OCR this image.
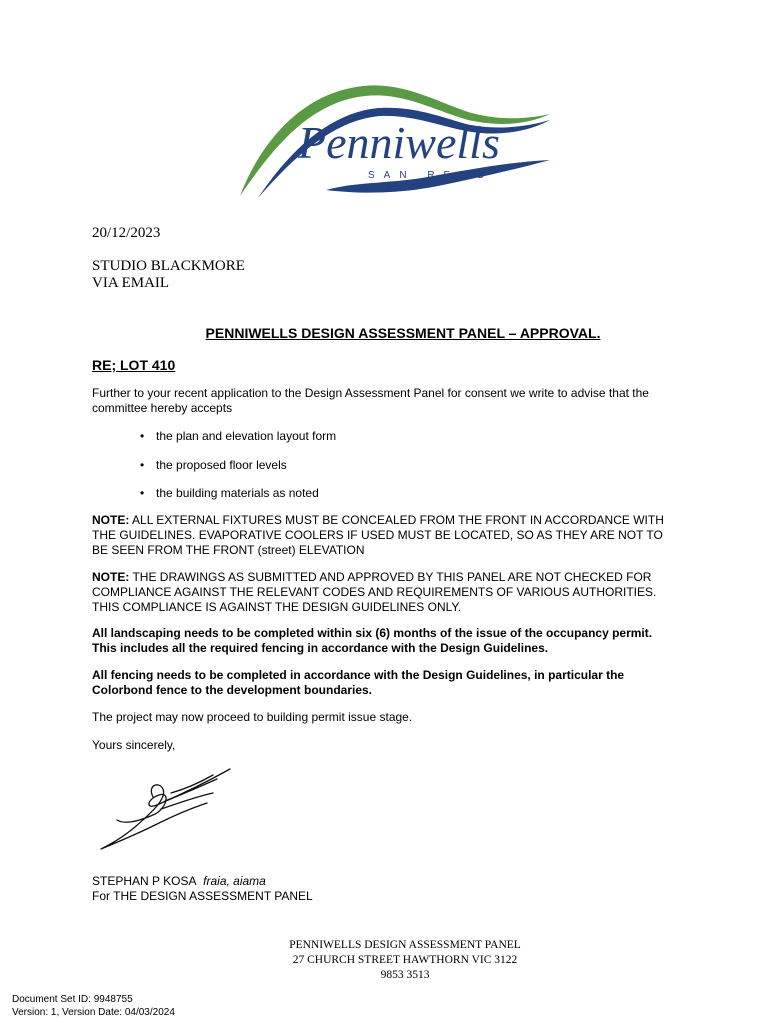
Penniwells
SAN REMO
20/12/2023
STUDIO BLACKMORE
VIA EMAIL
PENNIWELLS DESIGN ASSESSMENT PANEL – APPROVAL.
RE; LOT 410
Further to your recent application to the Design Assessment Panel for consent we write to advise that the
committee hereby accepts
• the plan and elevation layout form
• the proposed floor levels
• the building materials as noted
NOTE: ALL EXTERNAL FIXTURES MUST BE CONCEALED FROM THE FRONT IN ACCORDANCE WITH
THE GUIDELINES. EVAPORATIVE COOLERS IF USED MUST BE LOCATED, SO AS THEY ARE NOT TO
BE SEEN FROM THE FRONT (street) ELEVATION
NOTE: THE DRAWINGS AS SUBMITTED AND APPROVED BY THIS PANEL ARE NOT CHECKED FOR
COMPLIANCE AGAINST THE RELEVANT CODES AND REQUIREMENTS OF VARIOUS AUTHORITIES.
THIS COMPLIANCE IS AGAINST THE DESIGN GUIDELINES ONLY.
All landscaping needs to be completed within six (6) months of the issue of the occupancy permit.
This includes all the required fencing in accordance with the Design Guidelines.
All fencing needs to be completed in accordance with the Design Guidelines, in particular the
Colorbond fence to the development boundaries.
The project may now proceed to building permit issue stage.
Yours sincerely,
STEPHAN P KOSA fraia, aiama
For THE DESIGN ASSESSMENT PANEL
PENNIWELLS DESIGN ASSESSMENT PANEL
27 CHURCH STREET HAWTHORN VIC 3122
9853 3513
Document Set ID: 9948755
Version: 1, Version Date: 04/03/2024
